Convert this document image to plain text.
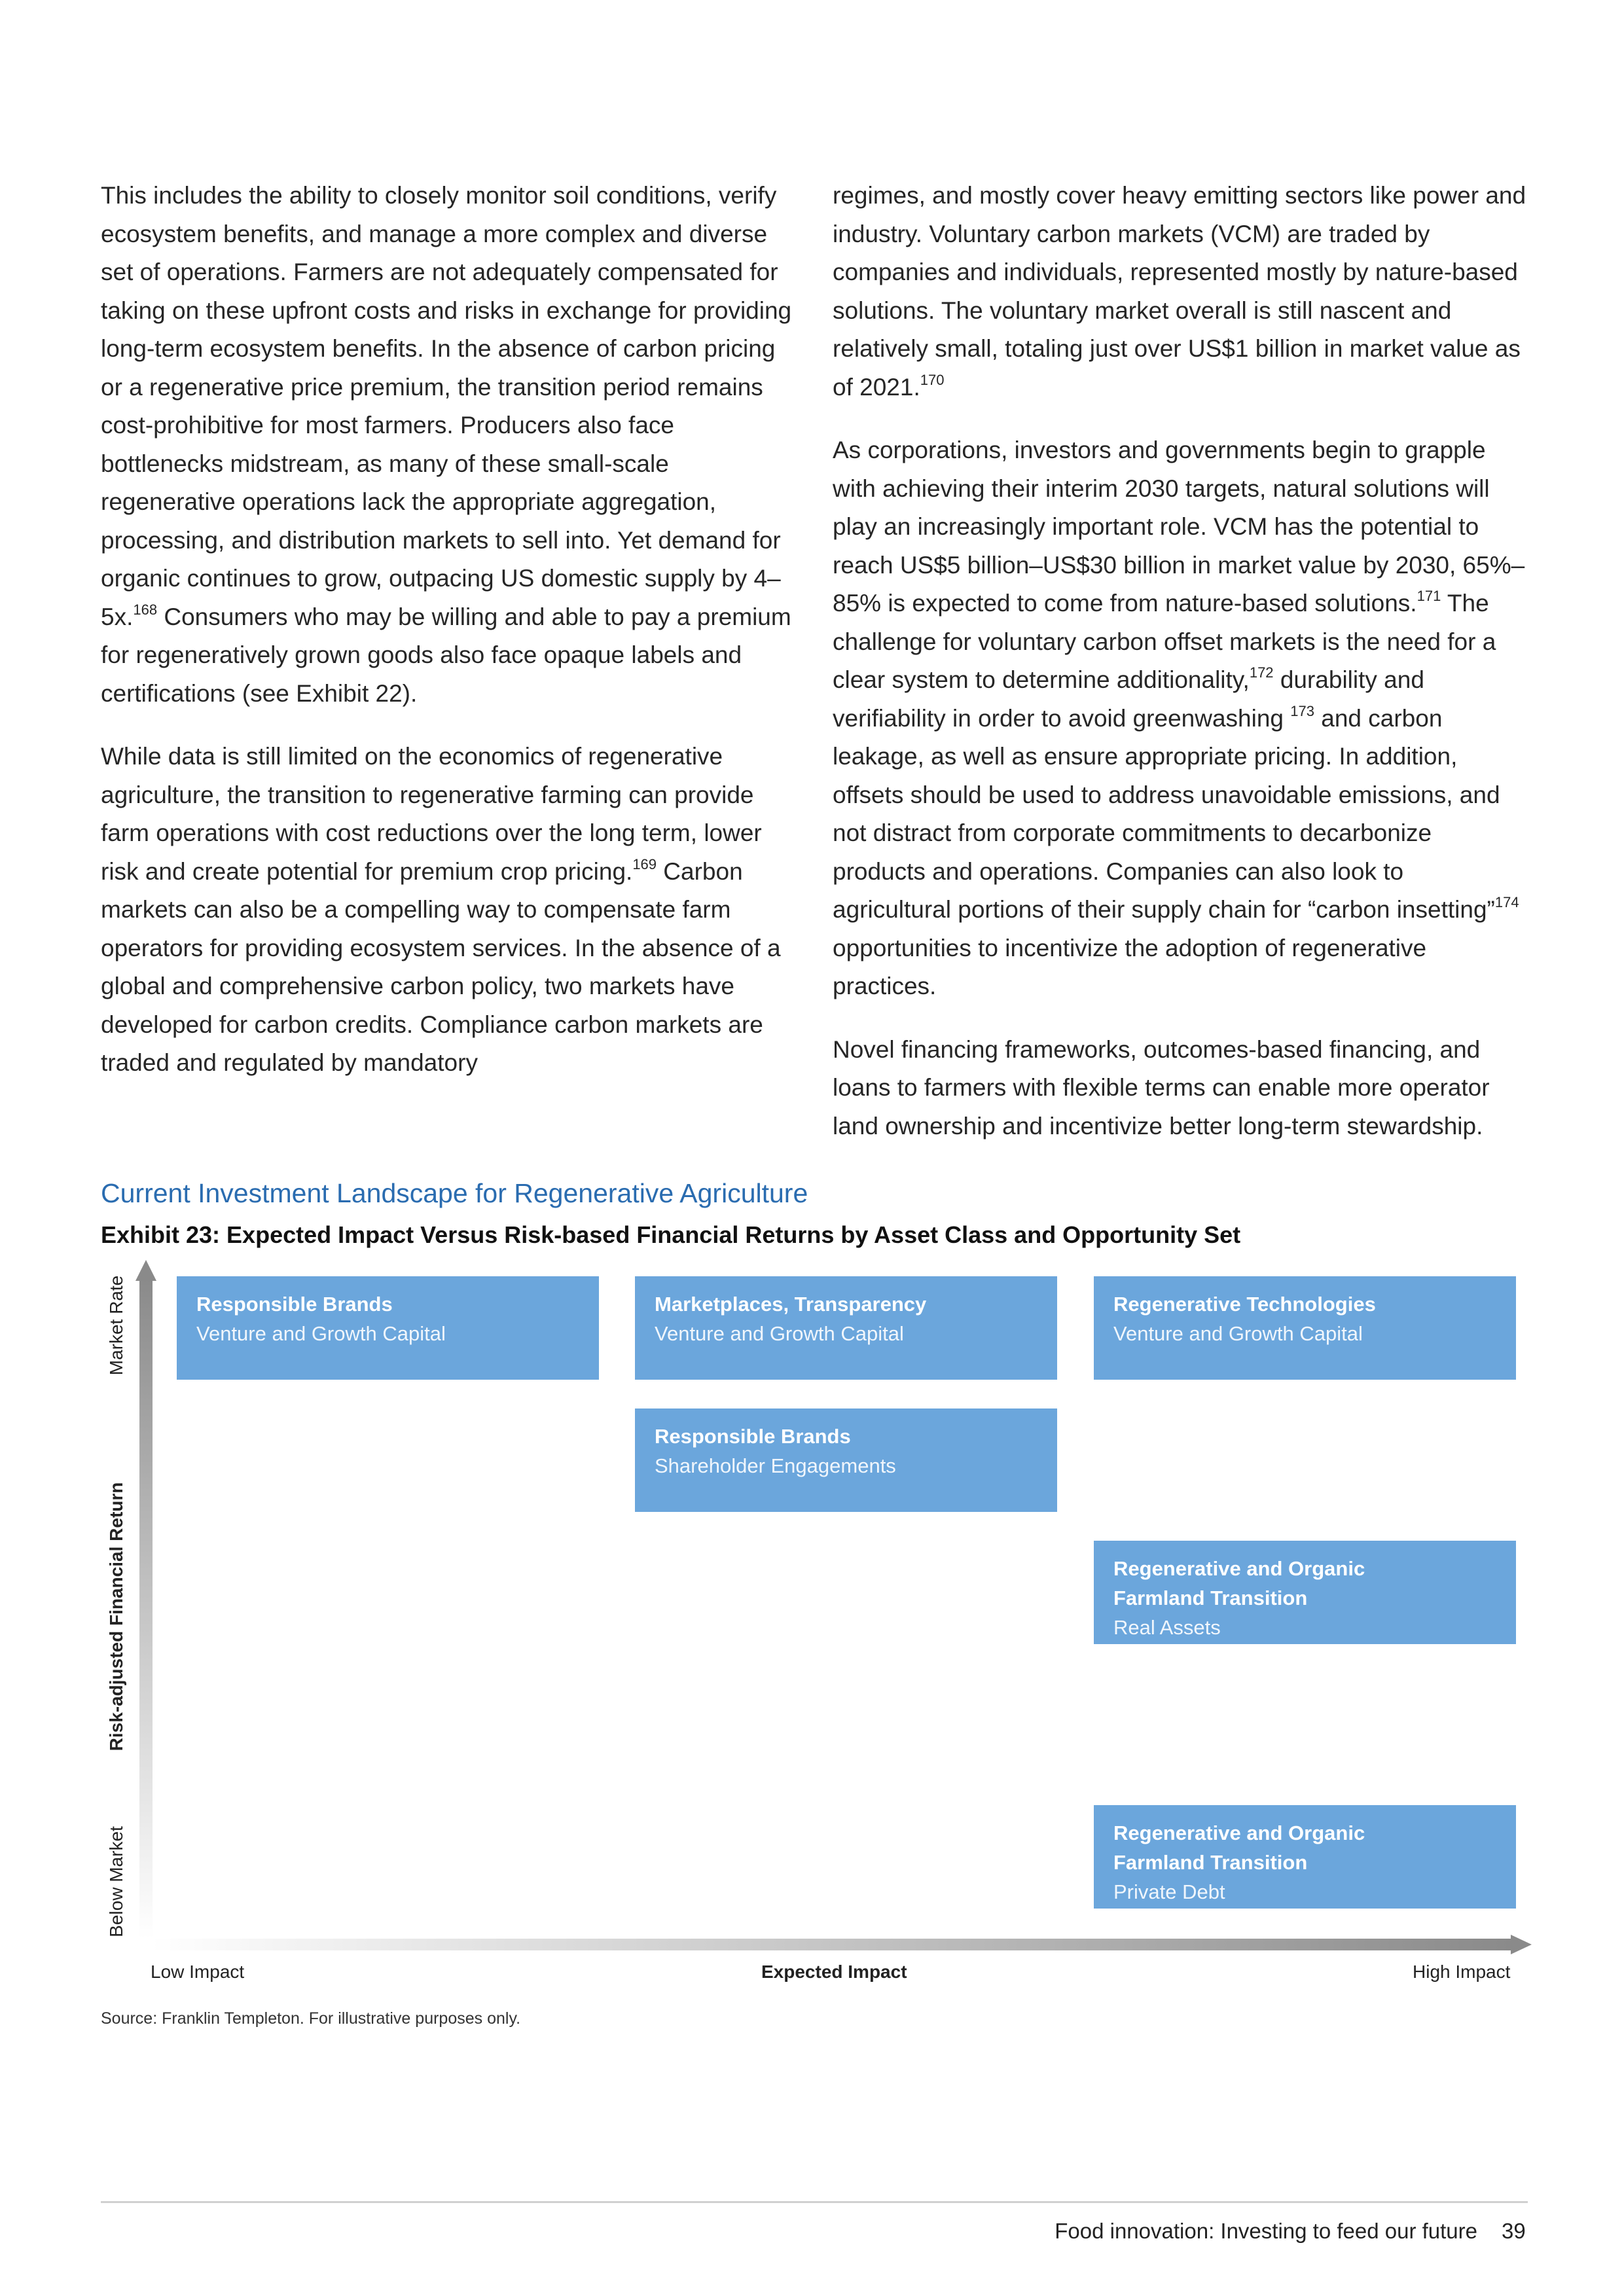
This includes the ability to closely monitor soil conditions, verify ecosystem benefits, and manage a more complex and diverse set of operations. Farmers are not adequately compensated for taking on these upfront costs and risks in exchange for providing long-term ecosystem benefits. In the absence of carbon pricing or a regenerative price premium, the transition period remains cost-prohibitive for most farmers. Producers also face bottlenecks midstream, as many of these small-scale regenerative operations lack the appropriate aggregation, processing, and distribution markets to sell into. Yet demand for organic continues to grow, outpacing US domestic supply by 4–5x.$^{168}$ Consumers who may be willing and able to pay a premium for regeneratively grown goods also face opaque labels and certifications (see Exhibit 22).

While data is still limited on the economics of regenerative agriculture, the transition to regenerative farming can provide farm operations with cost reductions over the long term, lower risk and create potential for premium crop pricing.$^{169}$ Carbon markets can also be a compelling way to compensate farm operators for providing ecosystem services. In the absence of a global and comprehensive carbon policy, two markets have developed for carbon credits. Compliance carbon markets are traded and regulated by mandatory

regimes, and mostly cover heavy emitting sectors like power and industry. Voluntary carbon markets (VCM) are traded by companies and individuals, represented mostly by nature-based solutions. The voluntary market overall is still nascent and relatively small, totaling just over US$1 billion in market value as of 2021.$^{170}$

As corporations, investors and governments begin to grapple with achieving their interim 2030 targets, natural solutions will play an increasingly important role. VCM has the potential to reach US$5 billion–US$30 billion in market value by 2030, 65%–85% is expected to come from nature-based solutions.$^{171}$ The challenge for voluntary carbon offset markets is the need for a clear system to determine additionality,$^{172}$ durability and verifiability in order to avoid greenwashing $^{173}$ and carbon leakage, as well as ensure appropriate pricing. In addition, offsets should be used to address unavoidable emissions, and not distract from corporate commitments to decarbonize products and operations. Companies can also look to agricultural portions of their supply chain for “carbon insetting”$^{174}$ opportunities to incentivize the adoption of regenerative practices.

Novel financing frameworks, outcomes-based financing, and loans to farmers with flexible terms can enable more operator land ownership and incentivize better long-term stewardship.

Current Investment Landscape for Regenerative Agriculture
Exhibit 23: Expected Impact Versus Risk-based Financial Returns by Asset Class and Opportunity Set
Market Rate
Risk-adjusted Financial Return
Below Market
Low Impact	Expected Impact	High Impact
Responsible Brands
Venture and Growth Capital
Marketplaces, Transparency
Venture and Growth Capital
Regenerative Technologies
Venture and Growth Capital
Responsible Brands
Shareholder Engagements
Regenerative and Organic
Farmland Transition
Real Assets
Regenerative and Organic
Farmland Transition
Private Debt
Source: Franklin Templeton. For illustrative purposes only.
Food innovation: Investing to feed our future 39
